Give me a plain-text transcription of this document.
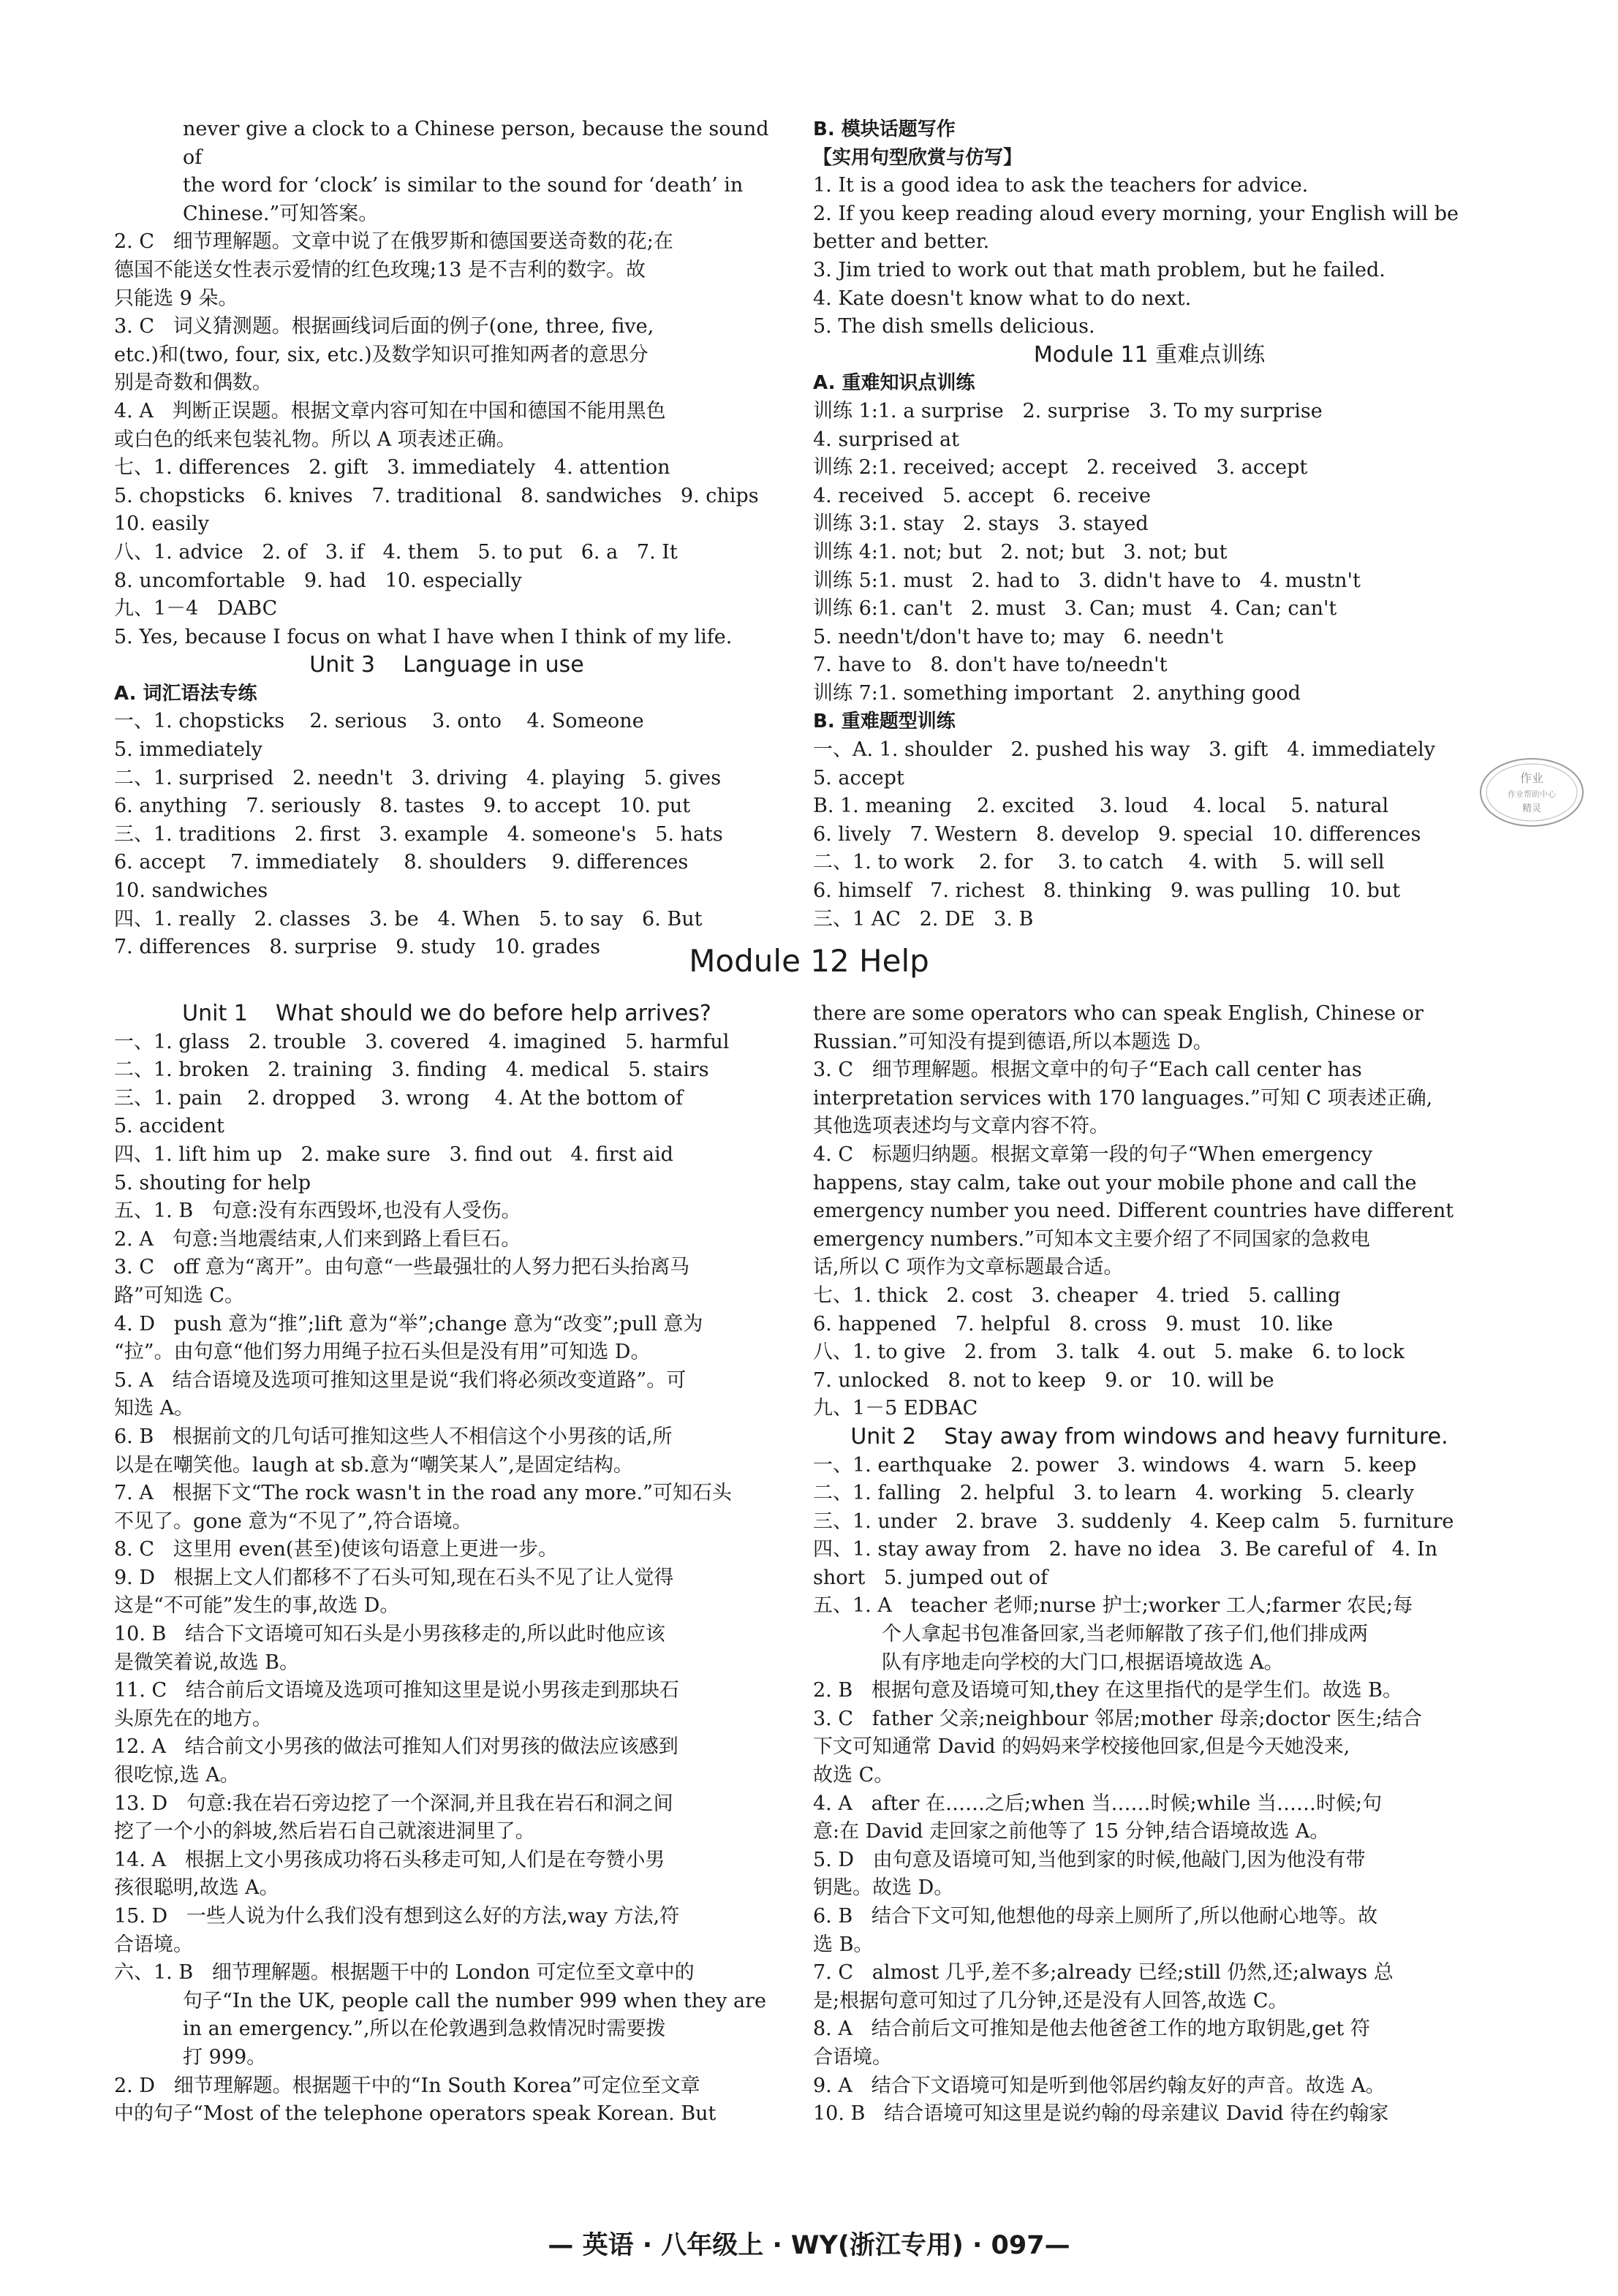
never give a clock to a Chinese person, because the sound of
the word for ‘clock’ is similar to the sound for ‘death’ in
Chinese.”可知答案。
2. C   细节理解题。文章中说了在俄罗斯和德国要送奇数的花;在
德国不能送女性表示爱情的红色玫瑰;13 是不吉利的数字。故
只能选 9 朵。
3. C   词义猜测题。根据画线词后面的例子(one, three, five,
etc.)和(two, four, six, etc.)及数学知识可推知两者的意思分
别是奇数和偶数。
4. A   判断正误题。根据文章内容可知在中国和德国不能用黑色
或白色的纸来包装礼物。所以 A 项表述正确。
七、1. differences   2. gift   3. immediately   4. attention
5. chopsticks   6. knives   7. traditional   8. sandwiches   9. chips
10. easily
八、1. advice   2. of   3. if   4. them   5. to put   6. a   7. It
8. uncomfortable   9. had   10. especially
九、1－4   DABC
5. Yes, because I focus on what I have when I think of my life.
Unit 3    Language in use
A. 词汇语法专练
一、1. chopsticks    2. serious    3. onto    4. Someone
5. immediately
二、1. surprised   2. needn't   3. driving   4. playing   5. gives
6. anything   7. seriously   8. tastes   9. to accept   10. put
三、1. traditions   2. first   3. example   4. someone's   5. hats
6. accept    7. immediately    8. shoulders    9. differences
10. sandwiches
四、1. really   2. classes   3. be   4. When   5. to say   6. But
7. differences   8. surprise   9. study   10. grades
B. 模块话题写作
【实用句型欣赏与仿写】
1. It is a good idea to ask the teachers for advice.
2. If you keep reading aloud every morning, your English will be
better and better.
3. Jim tried to work out that math problem, but he failed.
4. Kate doesn't know what to do next.
5. The dish smells delicious.
Module 11 重难点训练
A. 重难知识点训练
训练 1:1. a surprise   2. surprise   3. To my surprise
4. surprised at
训练 2:1. received; accept   2. received   3. accept
4. received   5. accept   6. receive
训练 3:1. stay   2. stays   3. stayed
训练 4:1. not; but   2. not; but   3. not; but
训练 5:1. must   2. had to   3. didn't have to   4. mustn't
训练 6:1. can't   2. must   3. Can; must   4. Can; can't
5. needn't/don't have to; may   6. needn't
7. have to   8. don't have to/needn't
训练 7:1. something important   2. anything good
B. 重难题型训练
一、A. 1. shoulder   2. pushed his way   3. gift   4. immediately
5. accept
B. 1. meaning    2. excited    3. loud    4. local    5. natural
6. lively   7. Western   8. develop   9. special   10. differences
二、1. to work    2. for    3. to catch    4. with    5. will sell
6. himself   7. richest   8. thinking   9. was pulling   10. but
三、1 AC   2. DE   3. B
Module 12 Help
Unit 1    What should we do before help arrives?
一、1. glass   2. trouble   3. covered   4. imagined   5. harmful
二、1. broken   2. training   3. finding   4. medical   5. stairs
三、1. pain    2. dropped    3. wrong    4. At the bottom of
5. accident
四、1. lift him up   2. make sure   3. find out   4. first aid
5. shouting for help
五、1. B   句意:没有东西毁坏,也没有人受伤。
2. A   句意:当地震结束,人们来到路上看巨石。
3. C   off 意为“离开”。由句意“一些最强壮的人努力把石头抬离马
路”可知选 C。
4. D   push 意为“推”;lift 意为“举”;change 意为“改变”;pull 意为
“拉”。由句意“他们努力用绳子拉石头但是没有用”可知选 D。
5. A   结合语境及选项可推知这里是说“我们将必须改变道路”。可
知选 A。
6. B   根据前文的几句话可推知这些人不相信这个小男孩的话,所
以是在嘲笑他。laugh at sb.意为“嘲笑某人”,是固定结构。
7. A   根据下文“The rock wasn't in the road any more.”可知石头
不见了。gone 意为“不见了”,符合语境。
8. C   这里用 even(甚至)使该句语意上更进一步。
9. D   根据上文人们都移不了石头可知,现在石头不见了让人觉得
这是“不可能”发生的事,故选 D。
10. B   结合下文语境可知石头是小男孩移走的,所以此时他应该
是微笑着说,故选 B。
11. C   结合前后文语境及选项可推知这里是说小男孩走到那块石
头原先在的地方。
12. A   结合前文小男孩的做法可推知人们对男孩的做法应该感到
很吃惊,选 A。
13. D   句意:我在岩石旁边挖了一个深洞,并且我在岩石和洞之间
挖了一个小的斜坡,然后岩石自己就滚进洞里了。
14. A   根据上文小男孩成功将石头移走可知,人们是在夸赞小男
孩很聪明,故选 A。
15. D   一些人说为什么我们没有想到这么好的方法,way 方法,符
合语境。
六、1. B   细节理解题。根据题干中的 London 可定位至文章中的
句子“In the UK, people call the number 999 when they are
in an emergency.”,所以在伦敦遇到急救情况时需要拨
打 999。
2. D   细节理解题。根据题干中的“In South Korea”可定位至文章
中的句子“Most of the telephone operators speak Korean. But
there are some operators who can speak English, Chinese or
Russian.”可知没有提到德语,所以本题选 D。
3. C   细节理解题。根据文章中的句子“Each call center has
interpretation services with 170 languages.”可知 C 项表述正确,
其他选项表述均与文章内容不符。
4. C   标题归纳题。根据文章第一段的句子“When emergency
happens, stay calm, take out your mobile phone and call the
emergency number you need. Different countries have different
emergency numbers.”可知本文主要介绍了不同国家的急救电
话,所以 C 项作为文章标题最合适。
七、1. thick   2. cost   3. cheaper   4. tried   5. calling
6. happened   7. helpful   8. cross   9. must   10. like
八、1. to give   2. from   3. talk   4. out   5. make   6. to lock
7. unlocked   8. not to keep   9. or   10. will be
九、1－5 EDBAC
Unit 2    Stay away from windows and heavy furniture.
一、1. earthquake   2. power   3. windows   4. warn   5. keep
二、1. falling   2. helpful   3. to learn   4. working   5. clearly
三、1. under   2. brave   3. suddenly   4. Keep calm   5. furniture
四、1. stay away from   2. have no idea   3. Be careful of   4. In
short   5. jumped out of
五、1. A   teacher 老师;nurse 护士;worker 工人;farmer 农民;每
个人拿起书包准备回家,当老师解散了孩子们,他们排成两
队有序地走向学校的大门口,根据语境故选 A。
2. B   根据句意及语境可知,they 在这里指代的是学生们。故选 B。
3. C   father 父亲;neighbour 邻居;mother 母亲;doctor 医生;结合
下文可知通常 David 的妈妈来学校接他回家,但是今天她没来,
故选 C。
4. A   after 在……之后;when 当……时候;while 当……时候;句
意:在 David 走回家之前他等了 15 分钟,结合语境故选 A。
5. D   由句意及语境可知,当他到家的时候,他敲门,因为他没有带
钥匙。故选 D。
6. B   结合下文可知,他想他的母亲上厕所了,所以他耐心地等。故
选 B。
7. C   almost 几乎,差不多;already 已经;still 仍然,还;always 总
是;根据句意可知过了几分钟,还是没有人回答,故选 C。
8. A   结合前后文可推知是他去他爸爸工作的地方取钥匙,get 符
合语境。
9. A   结合下文语境可知是听到他邻居约翰友好的声音。故选 A。
10. B   结合语境可知这里是说约翰的母亲建议 David 待在约翰家
作业
作业帮助中心
精灵
— 英语 · 八年级上 · WY(浙江专用) · 097—
